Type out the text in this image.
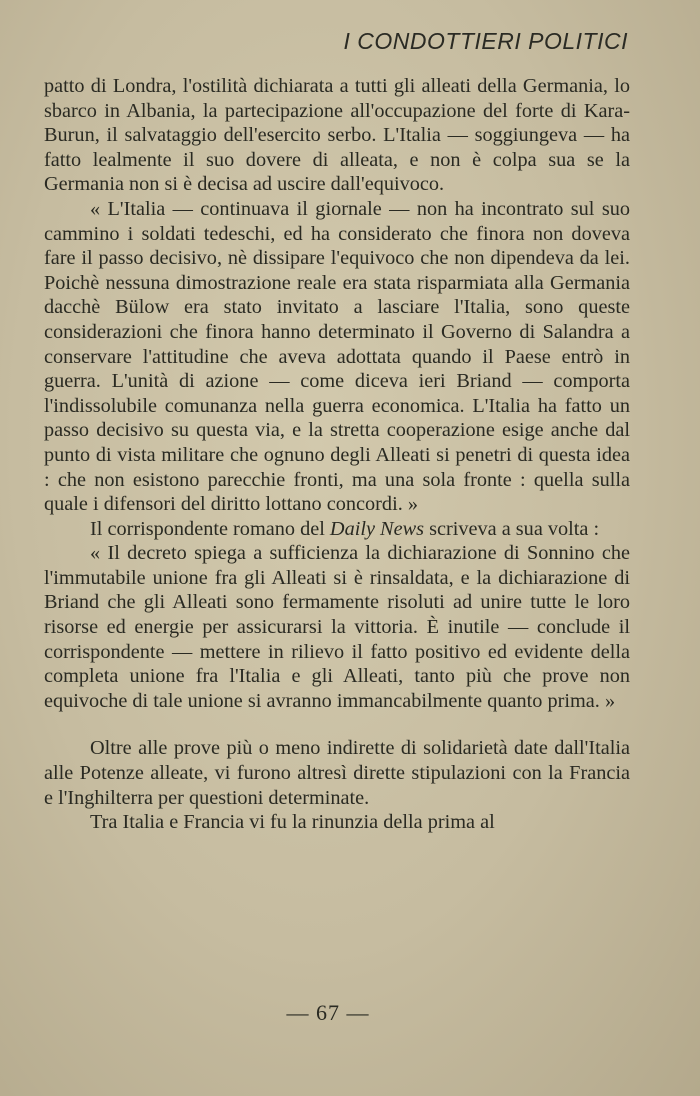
I CONDOTTIERI POLITICI

patto di Londra, l'ostilità dichiarata a tutti gli alleati della Germania, lo sbarco in Albania, la partecipazione all'occupazione del forte di Kara-Burun, il salvataggio dell'esercito serbo. L'Italia — soggiungeva — ha fatto lealmente il suo dovere di alleata, e non è colpa sua se la Germania non si è decisa ad uscire dall'equivoco.

« L'Italia — continuava il giornale — non ha incontrato sul suo cammino i soldati tedeschi, ed ha considerato che finora non doveva fare il passo decisivo, nè dissipare l'equivoco che non dipendeva da lei. Poichè nessuna dimostrazione reale era stata risparmiata alla Germania dacchè Bülow era stato invitato a lasciare l'Italia, sono queste considerazioni che finora hanno determinato il Governo di Salandra a conservare l'attitudine che aveva adottata quando il Paese entrò in guerra. L'unità di azione — come diceva ieri Briand — comporta l'indissolubile comunanza nella guerra economica. L'Italia ha fatto un passo decisivo su questa via, e la stretta cooperazione esige anche dal punto di vista militare che ognuno degli Alleati si penetri di questa idea : che non esistono parecchie fronti, ma una sola fronte : quella sulla quale i difensori del diritto lottano concordi. »

Il corrispondente romano del Daily News scriveva a sua volta :

« Il decreto spiega a sufficienza la dichiarazione di Sonnino che l'immutabile unione fra gli Alleati si è rinsaldata, e la dichiarazione di Briand che gli Alleati sono fermamente risoluti ad unire tutte le loro risorse ed energie per assicurarsi la vittoria. È inutile — conclude il corrispondente — mettere in rilievo il fatto positivo ed evidente della completa unione fra l'Italia e gli Alleati, tanto più che prove non equivoche di tale unione si avranno immancabilmente quanto prima. »

Oltre alle prove più o meno indirette di solidarietà date dall'Italia alle Potenze alleate, vi furono altresì dirette stipulazioni con la Francia e l'Inghilterra per questioni determinate.

Tra Italia e Francia vi fu la rinunzia della prima al

— 67 —
